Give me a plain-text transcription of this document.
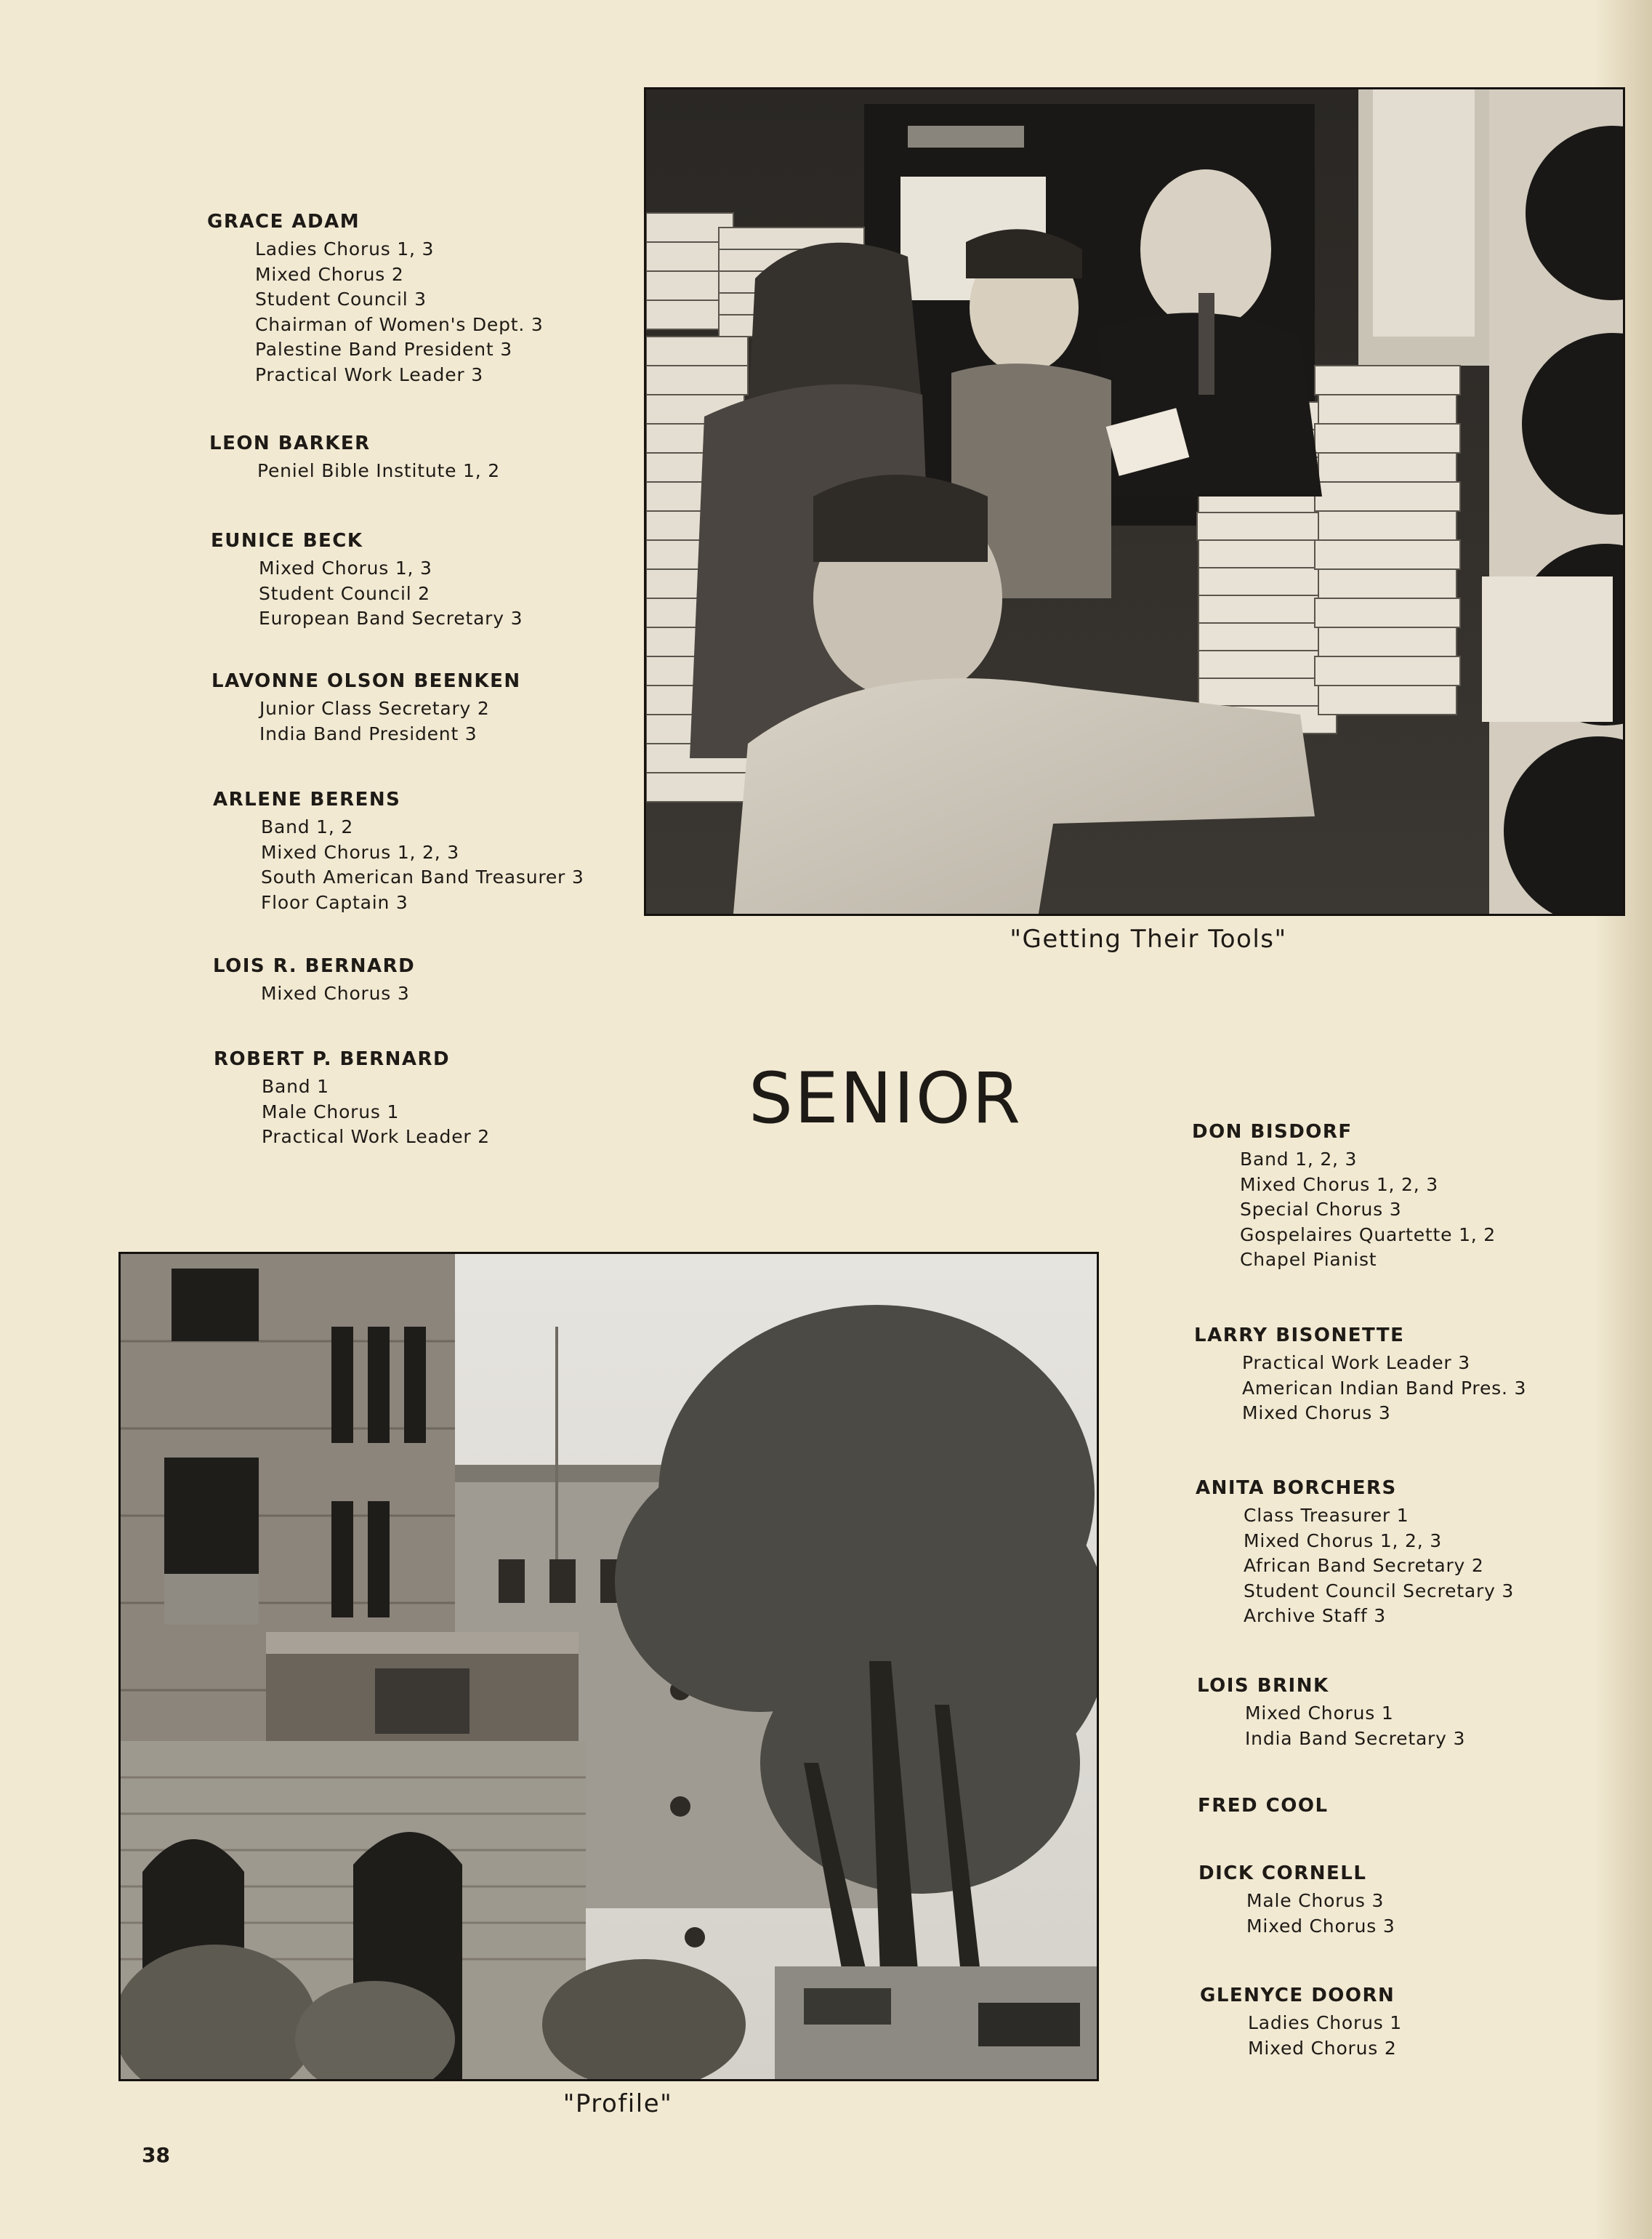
GRACE ADAM
Ladies Chorus 1, 3
Mixed Chorus 2
Student Council 3
Chairman of Women's Dept. 3
Palestine Band President 3
Practical Work Leader 3
LEON BARKER
Peniel Bible Institute 1, 2
EUNICE BECK
Mixed Chorus 1, 3
Student Council 2
European Band Secretary 3
LAVONNE OLSON BEENKEN
Junior Class Secretary 2
India Band President 3
ARLENE BERENS
Band 1, 2
Mixed Chorus 1, 2, 3
South American Band Treasurer 3
Floor Captain 3
LOIS R. BERNARD
Mixed Chorus 3
ROBERT P. BERNARD
Band 1
Male Chorus 1
Practical Work Leader 2
"Getting Their Tools"
SENIOR	DON BISDORF
Band 1, 2, 3
Mixed Chorus 1, 2, 3
Special Chorus 3
Gospelaires Quartette 1, 2
Chapel Pianist
LARRY BISONETTE
Practical Work Leader 3
American Indian Band Pres. 3
Mixed Chorus 3
ANITA BORCHERS
Class Treasurer 1
Mixed Chorus 1, 2, 3
African Band Secretary 2
Student Council Secretary 3
Archive Staff 3
LOIS BRINK
Mixed Chorus 1
India Band Secretary 3
FRED COOL
DICK CORNELL
Male Chorus 3
Mixed Chorus 3
GLENYCE DOORN
Ladies Chorus 1
Mixed Chorus 2
"Profile"
38
